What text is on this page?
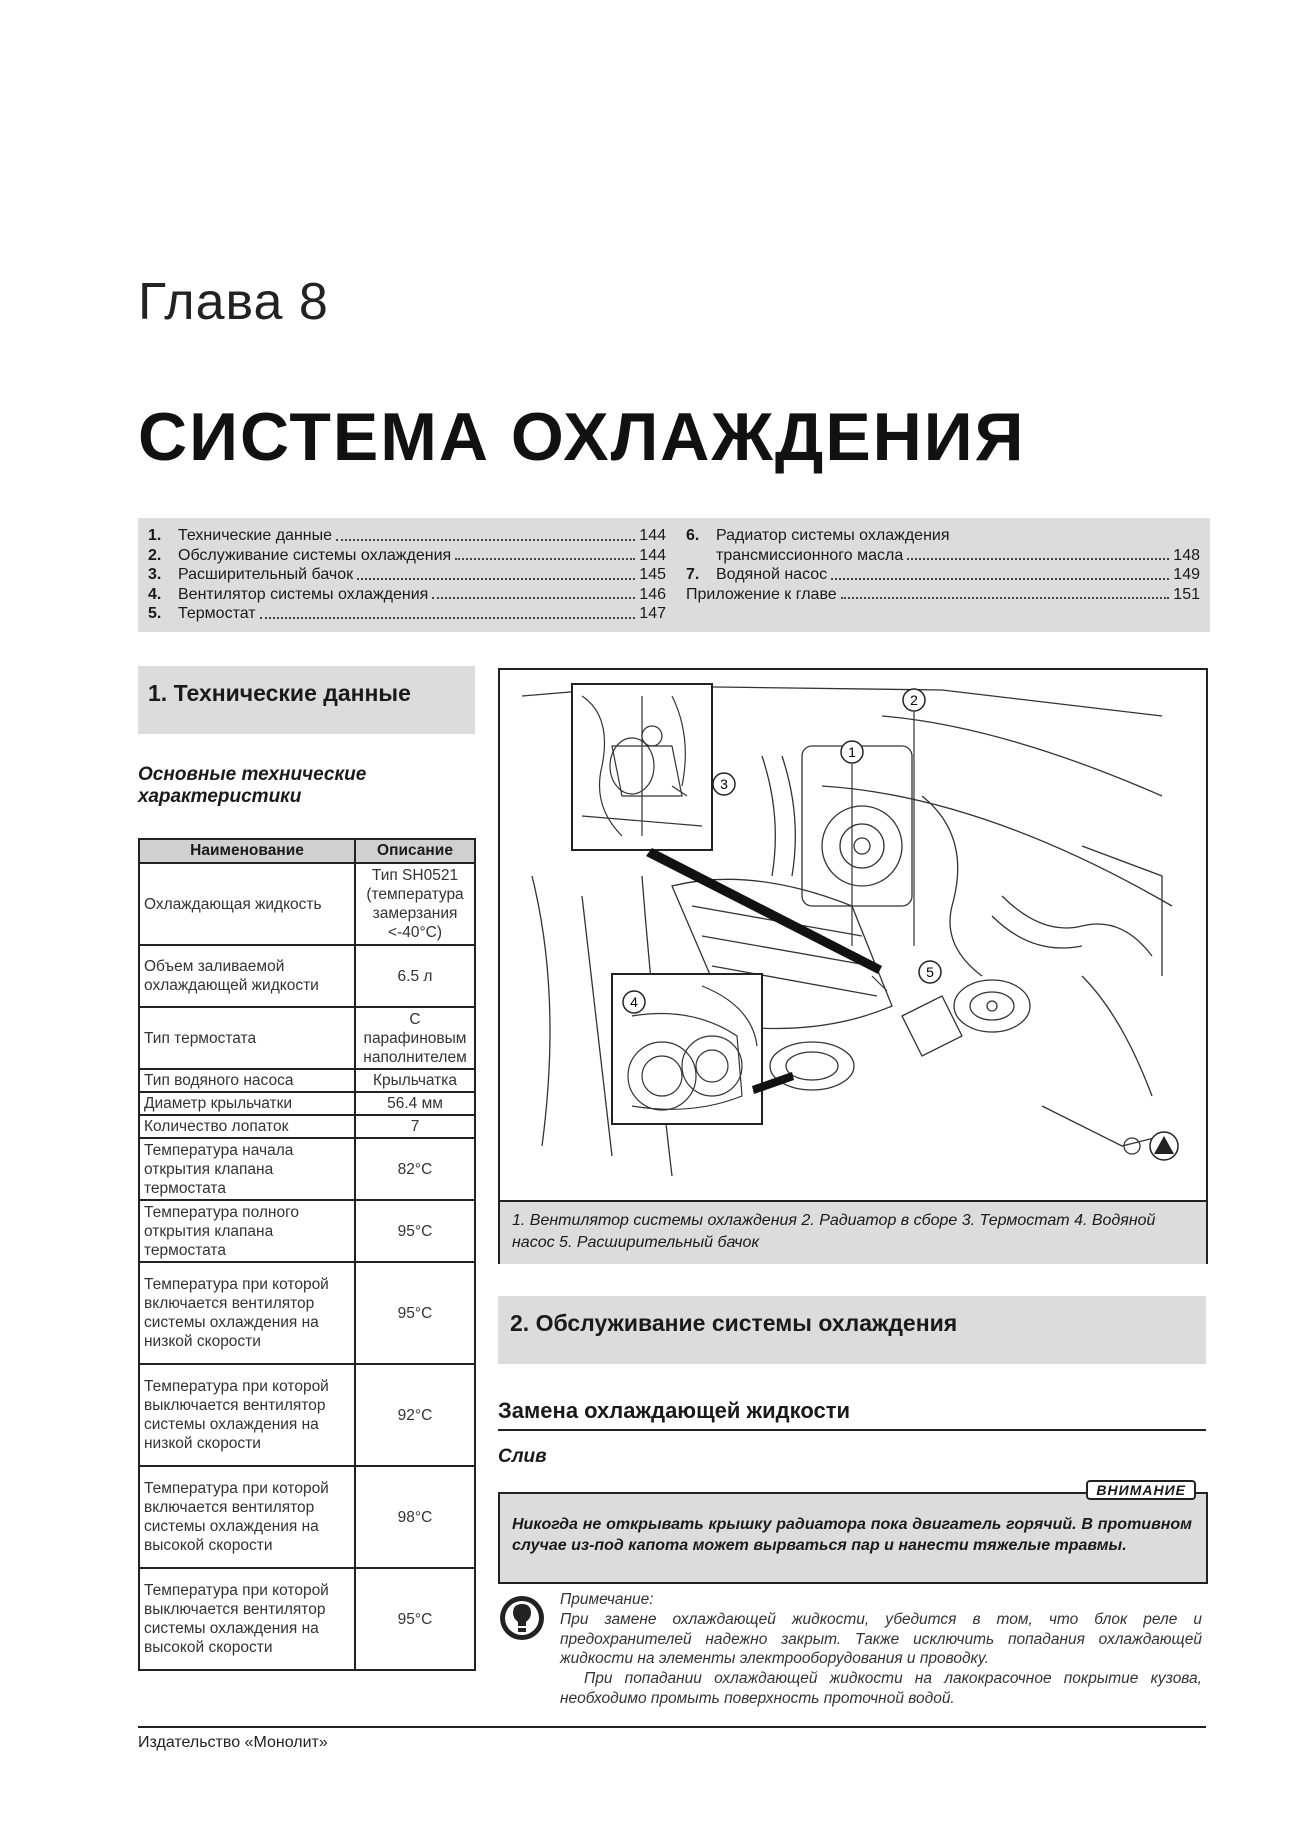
Глава 8
СИСТЕМА ОХЛАЖДЕНИЯ
1.	Технические данные	144
2.	Обслуживание системы охлаждения	144
3.	Расширительный бачок	145
4.	Вентилятор системы охлаждения	146
5.	Термостат	147
6.	Радиатор системы охлаждения
трансмиссионного масла	148
7.	Водяной насос	149
Приложение к главе	151
1. Технические данные
Основные технические
характеристики
Наименование	Описание
Охлаждающая жидкость	Тип SH0521 (температура замерзания <-40°С)
Объем заливаемой охлаждающей жидкости	6.5 л
Тип термостата	С парафиновым наполнителем
Тип водяного насоса	Крыльчатка
Диаметр крыльчатки	56.4 мм
Количество лопаток	7
Температура начала открытия клапана термостата	82°С
Температура полного открытия клапана термостата	95°С
Температура при которой включается вентилятор системы охлаждения на низкой скорости	95°С
Температура при которой выключается вентилятор системы охлаждения на низкой скорости	92°С
Температура при которой включается вентилятор системы охлаждения на высокой скорости	98°С
Температура при которой выключается вентилятор системы охлаждения на высокой скорости	95°С
1
2
3
4
5
1. Вентилятор системы охлаждения 2. Радиатор в сборе 3. Термостат 4. Водяной насос 5. Расширительный бачок
2. Обслуживание системы охлаждения
Замена охлаждающей жидкости
Слив
ВНИМАНИЕ
Никогда не открывать крышку радиатора пока двигатель горячий. В противном случае из-под капота может вырваться пар и нанести тяжелые травмы.

Примечание:

При замене охлаждающей жидкости, убедится в том, что блок реле и предохранителей надежно закрыт. Также исключить попадания охлаждающей жидкости на элементы электрооборудования и проводку.

При попадании охлаждающей жидкости на лакокрасочное покрытие кузова, необходимо промыть поверхность проточной водой.

Издательство «Монолит»
